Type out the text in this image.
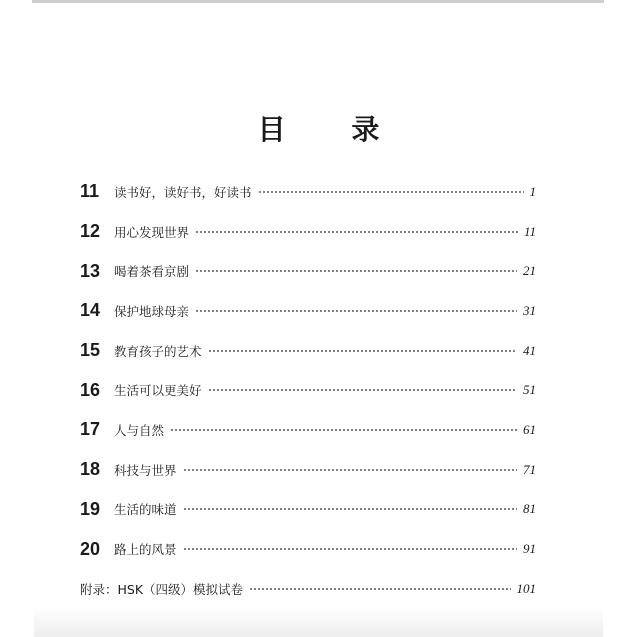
目 录
11	读书好，读好书，好读书	1
12	用心发现世界	11
13	喝着茶看京剧	21
14	保护地球母亲	31
15	教育孩子的艺术	41
16	生活可以更美好	51
17	人与自然	61
18	科技与世界	71
19	生活的味道	81
20	路上的风景	91
附录：HSK（四级）模拟试卷	101
